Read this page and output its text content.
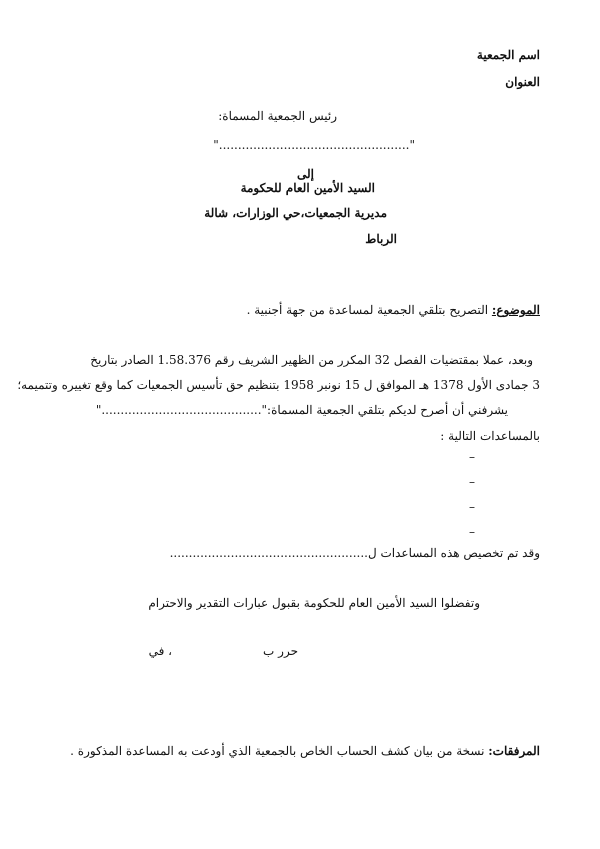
اسم الجمعية
العنوان
رئيس الجمعية المسماة:
".................................................."
إلى
السيد الأمين العام للحكومة
مديرية الجمعيات،حي الوزارات، شالة
الرباط
الموضوع: التصريح بتلقي الجمعية لمساعدة من جهة أجنبية .
وبعد، عملا بمقتضيات الفصل 32 المكرر من الظهير الشريف رقم 1.58.376 الصادر بتاريخ
3 جمادى الأول 1378 هـ الموافق ل 15 نونبر 1958 بتنظيم حق تأسيس الجمعيات كما وقع تغييره وتتميمه؛
يشرفني أن أصرح لديكم بتلقي الجمعية المسماة:".........................................."
بالمساعدات التالية :
–
–
–
–
وقد تم تخصيص هذه المساعدات ل....................................................
وتفضلوا السيد الأمين العام للحكومة بقبول عبارات التقدير والاحترام
حرر ب
، في
المرفقات: نسخة من بيان كشف الحساب الخاص بالجمعية الذي أودعت به المساعدة المذكورة .
